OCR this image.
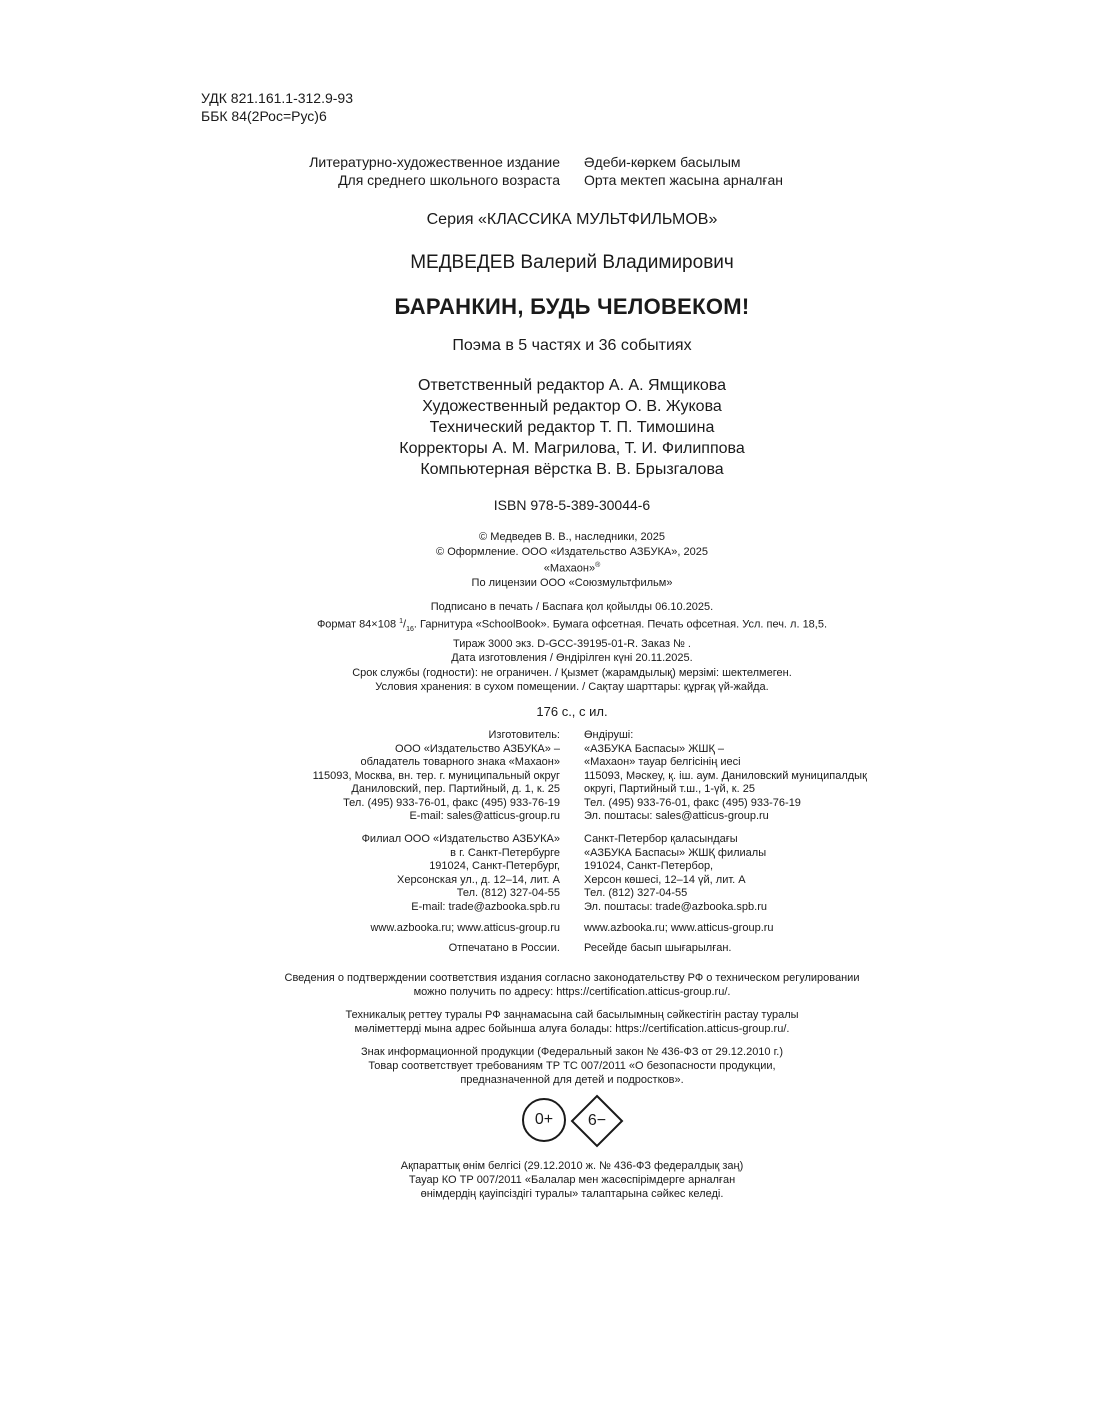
УДК 821.161.1-312.9-93
ББК 84(2Рос=Рус)6
Литературно-художественное издание
Для среднего школьного возраста
Әдеби-көркем басылым
Орта мектеп жасына арналған
Серия «КЛАССИКА МУЛЬТФИЛЬМОВ»
МЕДВЕДЕВ Валерий Владимирович
БАРАНКИН, БУДЬ ЧЕЛОВЕКОМ!
Поэма в 5 частях и 36 событиях
Ответственный редактор А. А. Ямщикова
Художественный редактор О. В. Жукова
Технический редактор Т. П. Тимошина
Корректоры А. М. Магрилова, Т. И. Филиппова
Компьютерная вёрстка В. В. Брызгалова
ISBN 978-5-389-30044-6
© Медведев В. В., наследники, 2025
© Оформление. ООО «Издательство АЗБУКА», 2025
«Махаон»®
По лицензии ООО «Союзмультфильм»
Подписано в печать / Баспаға қол қойылды 06.10.2025.
Формат 84×108 $^1/_{16}$. Гарнитура «SchoolBook». Бумага офсетная. Печать офсетная. Усл. печ. л. 18,5.
Тираж 3000 экз. D-GCC-39195-01-R. Заказ № .
Дата изготовления / Өндірілген күні 20.11.2025.
Срок службы (годности): не ограничен. / Қызмет (жарамдылық) мерзімі: шектелмеген.
Условия хранения: в сухом помещении. / Сақтау шарттары: құрғақ үй-жайда.
176 с., с ил.
Изготовитель:
ООО «Издательство АЗБУКА» –
обладатель товарного знака «Махаон»
115093, Москва, вн. тер. г. муниципальный округ
Даниловский, пер. Партийный, д. 1, к. 25
Тел. (495) 933-76-01, факс (495) 933-76-19
E-mail: sales@atticus-group.ru
Өндіруші:
«АЗБУКА Баспасы» ЖШҚ –
«Махаон» тауар белгісінің иесі
115093, Мәскеу, қ. іш. аум. Даниловский муниципалдық
округі, Партийный т.ш., 1-үй, к. 25
Тел. (495) 933-76-01, факс (495) 933-76-19
Эл. поштасы: sales@atticus-group.ru
Филиал ООО «Издательство АЗБУКА»
в г. Санкт-Петербурге
191024, Санкт-Петербург,
Херсонская ул., д. 12–14, лит. А
Тел. (812) 327-04-55
E-mail: trade@azbooka.spb.ru
Санкт-Петербор қаласындағы
«АЗБУКА Баспасы» ЖШҚ филиалы
191024, Санкт-Петербор,
Херсон көшесі, 12–14 үй, лит. А
Тел. (812) 327-04-55
Эл. поштасы: trade@azbooka.spb.ru
www.azbooka.ru; www.atticus-group.ru www.azbooka.ru; www.atticus-group.ru
Отпечатано в России. Ресейде басып шығарылған.
Сведения о подтверждении соответствия издания согласно законодательству РФ о техническом регулировании
можно получить по адресу: https://certification.atticus-group.ru/.
Техникалық реттеу туралы РФ заңнамасына сай басылымның сәйкестігін растау туралы
мәліметтерді мына адрес бойынша алуға болады: https://certification.atticus-group.ru/.
Знак информационной продукции (Федеральный закон № 436-ФЗ от 29.12.2010 г.)
Товар соответствует требованиям ТР ТС 007/2011 «О безопасности продукции,
предназначенной для детей и подростков».
0+	6−
Ақпараттық өнім белгісі (29.12.2010 ж. № 436-ФЗ федералдық заң)
Тауар КО ТР 007/2011 «Балалар мен жасөспірімдерге арналған
өнімдердің қауіпсіздігі туралы» талаптарына сәйкес келеді.
